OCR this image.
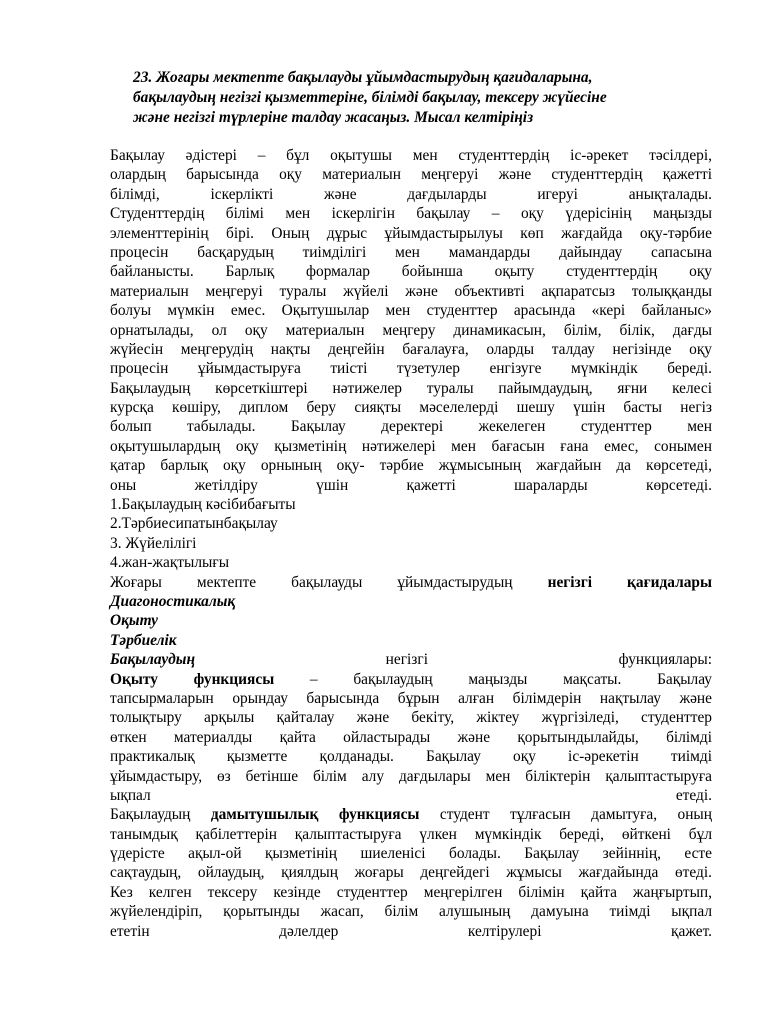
23. Жоғары мектепте бақылауды ұйымдастырудың қағидаларына,
бақылаудың негізгі қызметтеріне, білімді бақылау, тексеру жүйесіне
және негізгі түрлеріне талдау жасаңыз. Мысал келтіріңіз
Бақылау әдістері – бұл оқытушы мен студенттердің іс-әрекет тәсілдері,
олардың барысында оқу материалын меңгеруі және студенттердің қажетті
білімді, іскерлікті және дағдыларды игеруі анықталады.
Студенттердің білімі мен іскерлігін бақылау – оқу үдерісінің маңызды
элементтерінің бірі. Оның дұрыс ұйымдастырылуы көп жағдайда оқу-тәрбие
процесін басқарудың тиімділігі мен мамандарды дайындау сапасына
байланысты. Барлық формалар бойынша оқыту студенттердің оқу
материалын меңгеруі туралы жүйелі және объективті ақпаратсыз толыққанды
болуы мүмкін емес. Оқытушылар мен студенттер арасында «кері байланыс»
орнатылады, ол оқу материалын меңгеру динамикасын, білім, білік, дағды
жүйесін меңгерудің нақты деңгейін бағалауға, оларды талдау негізінде оқу
процесін ұйымдастыруға тиісті түзетулер енгізуге мүмкіндік береді.
Бақылаудың көрсеткіштері нәтижелер туралы пайымдаудың, яғни келесі
курсқа көшіру, диплом беру сияқты мәселелерді шешу үшін басты негіз
болып табылады. Бақылау деректері жекелеген студенттер мен
оқытушылардың оқу қызметінің нәтижелері мен бағасын ғана емес, сонымен
қатар барлық оқу орнының оқу- тәрбие жұмысының жағдайын да көрсетеді,
оны жетілдіру үшін қажетті шараларды көрсетеді.
1.Бақылаудың кәсібибағыты
2.Тәрбиесипатынбақылау
3. Жүйелілігі
4.жан-жақтылығы
Жоғары мектепте бақылауды ұйымдастырудың негізгі қағидалары
Диагоностикалық
Оқыту
Тәрбиелік
Бақылаудың	негізгі функциялары:
Оқыту функциясы – бақылаудың маңызды мақсаты. Бақылау
тапсырмаларын орындау барысында бұрын алған білімдерін нақтылау және
толықтыру арқылы қайталау және бекіту, жіктеу жүргізіледі, студенттер
өткен материалды қайта ойластырады және қорытындылайды, білімді
практикалық қызметте қолданады. Бақылау оқу іс-әрекетін тиімді
ұйымдастыру, өз бетінше білім алу дағдылары мен біліктерін қалыптастыруға
ықпал етеді.
Бақылаудың дамытушылық функциясы студент тұлғасын дамытуға, оның
танымдық қабілеттерін қалыптастыруға үлкен мүмкіндік береді, өйткені бұл
үдерісте ақыл-ой қызметінің шиеленісі болады. Бақылау зейіннің, есте
сақтаудың, ойлаудың, қиялдың жоғары деңгейдегі жұмысы жағдайында өтеді.
Кез келген тексеру кезінде студенттер меңгерілген білімін қайта жаңғыртып,
жүйелендіріп, қорытынды жасап, білім алушының дамуына тиімді ықпал
ететін дәлелдер келтірулері қажет.
